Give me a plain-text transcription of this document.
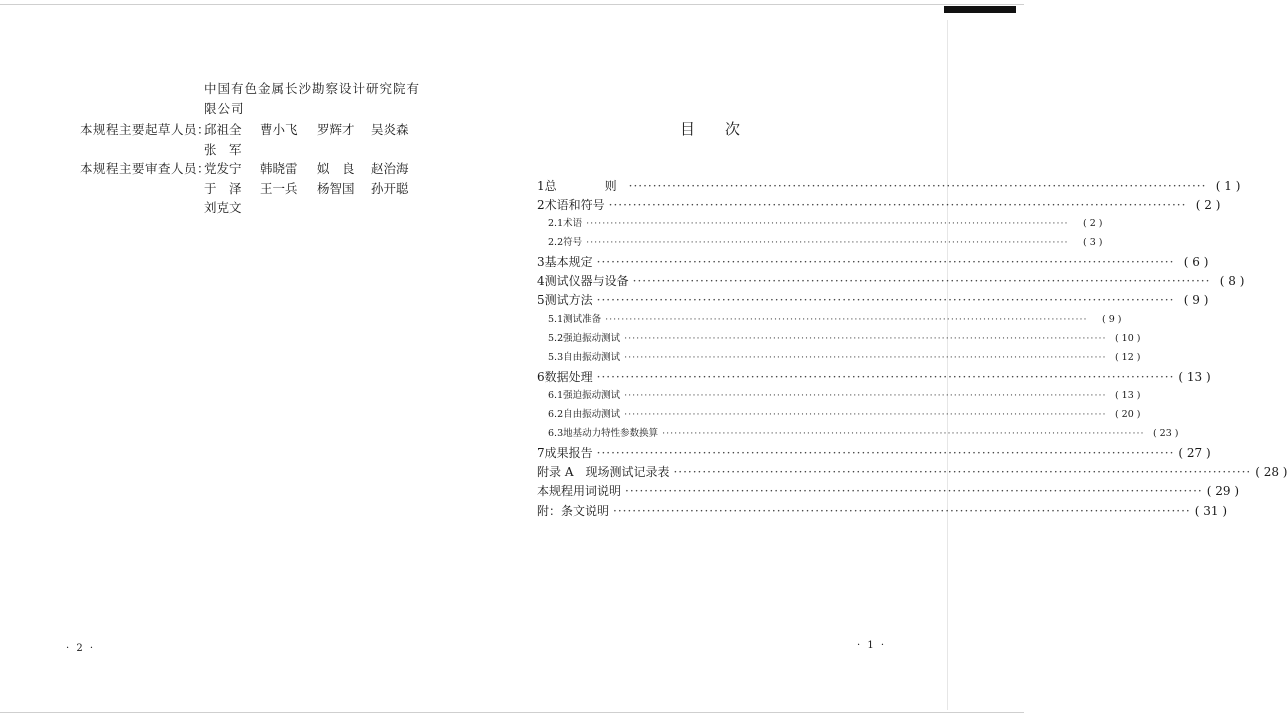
中国有色金属长沙勘察设计研究院有
限公司
本规程主要起草人员：
邱祖全 曹小飞 罗辉才 吴炎森
张　军
本规程主要审查人员：
党发宁 韩晓雷 姒　良 赵治海
于　泽 王一兵 杨智国 孙开聪
刘克文
· 2 ·
目　　次
1 总　　则 ························································································································ ( 1 )
2 术语和符号 ························································································································ ( 2 )
2.1 术语 ························································································································	( 2 )
2.2 符号 ························································································································	( 3 )
3 基本规定 ························································································································ ( 6 )
4 测试仪器与设备 ························································································································ ( 8 )
5 测试方法 ························································································································ ( 9 )
5.1 测试准备 ························································································································	( 9 )
5.2 强迫振动测试 ························································································································ ( 10 )
5.3 自由振动测试 ························································································································ ( 12 )
6 数据处理 ························································································································ ( 13 )
6.1 强迫振动测试 ························································································································ ( 13 )
6.2 自由振动测试 ························································································································ ( 20 )
6.3 地基动力特性参数换算 ························································································································ ( 23 )
7 成果报告 ························································································································ ( 27 )
附录 A　现场测试记录表 ························································································································ ( 28 )
本规程用词说明 ························································································································ ( 29 )
附：条文说明 ························································································································ ( 31 )
· 1 ·
